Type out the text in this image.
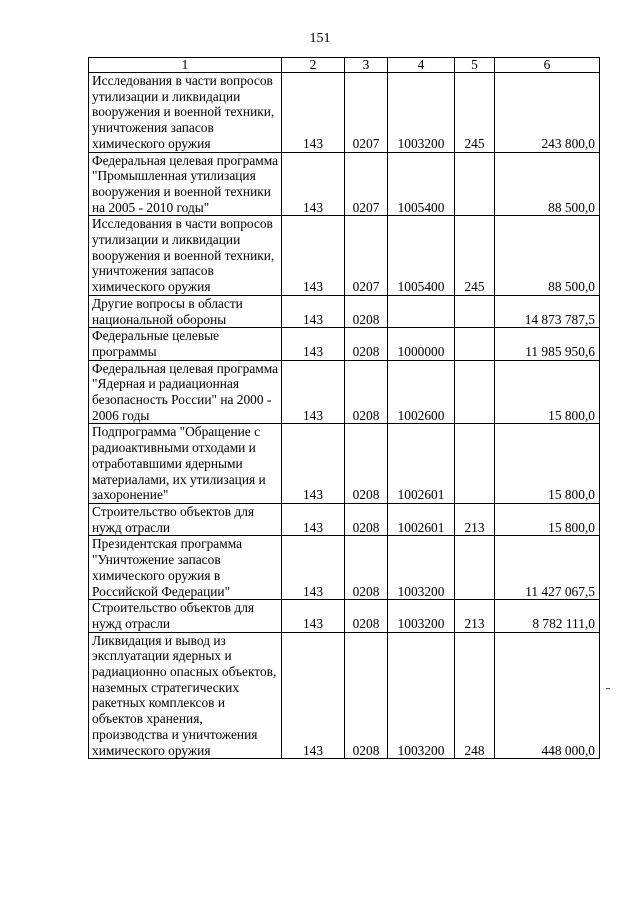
151
1	2	3	4	5	6
Исследования в части вопросов утилизации и ликвидации вооружения и военной техники, уничтожения запасов химического оружия	143	0207	1003200	245	243 800,0
Федеральная целевая программа "Промышленная утилизация вооружения и военной техники на 2005 - 2010 годы"	143	0207	1005400		88 500,0
Исследования в части вопросов утилизации и ликвидации вооружения и военной техники, уничтожения запасов химического оружия	143	0207	1005400	245	88 500,0
Другие вопросы в области национальной обороны	143	0208			14 873 787,5
Федеральные целевые программы	143	0208	1000000		11 985 950,6
Федеральная целевая программа "Ядерная и радиационная безопасность России" на 2000 - 2006 годы	143	0208	1002600		15 800,0
Подпрограмма "Обращение с радиоактивными отходами и отработавшими ядерными материалами, их утилизация и захоронение"	143	0208	1002601		15 800,0
Строительство объектов для нужд отрасли	143	0208	1002601	213	15 800,0
Президентская программа "Уничтожение запасов химического оружия в Российской Федерации"	143	0208	1003200		11 427 067,5
Строительство объектов для нужд отрасли	143	0208	1003200	213	8 782 111,0
Ликвидация и вывод из эксплуатации ядерных и радиационно опасных объектов, наземных стратегических ракетных комплексов и объектов хранения, производства и уничтожения химического оружия	143	0208	1003200	248	448 000,0
